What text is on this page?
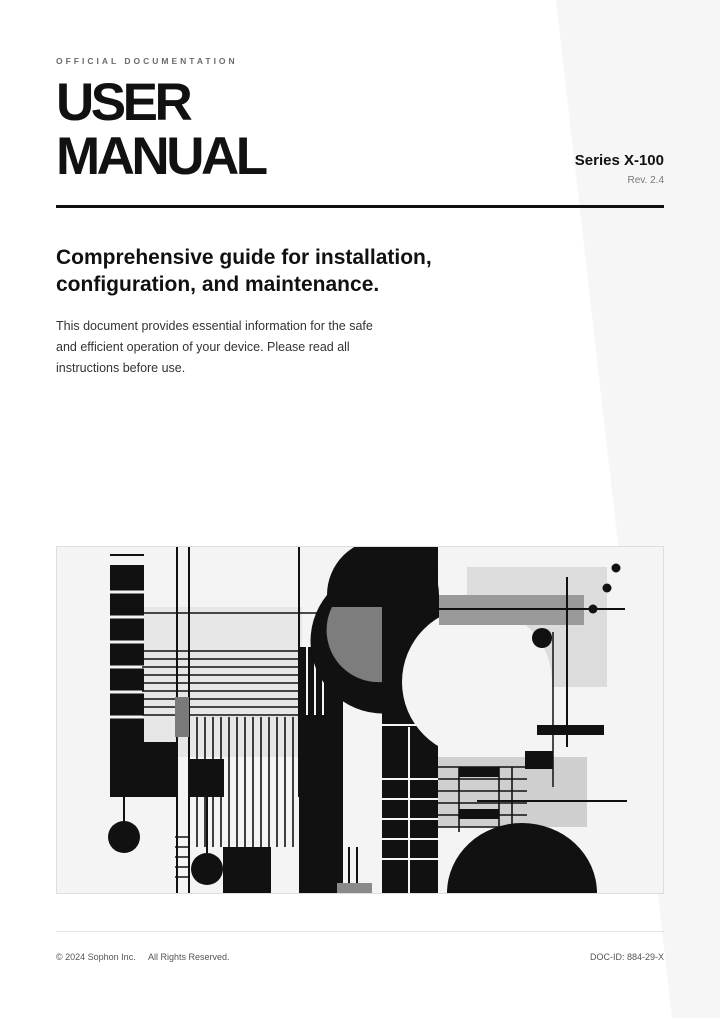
OFFICIAL DOCUMENTATION
USER
MANUAL	Series X-100
Rev. 2.4
Comprehensive guide for installation, configuration, and maintenance.

This document provides essential information for the safe and efficient operation of your device. Please read all instructions before use.

© 2024 Sophon Inc. All Rights Reserved.	DOC-ID: 884-29-X
